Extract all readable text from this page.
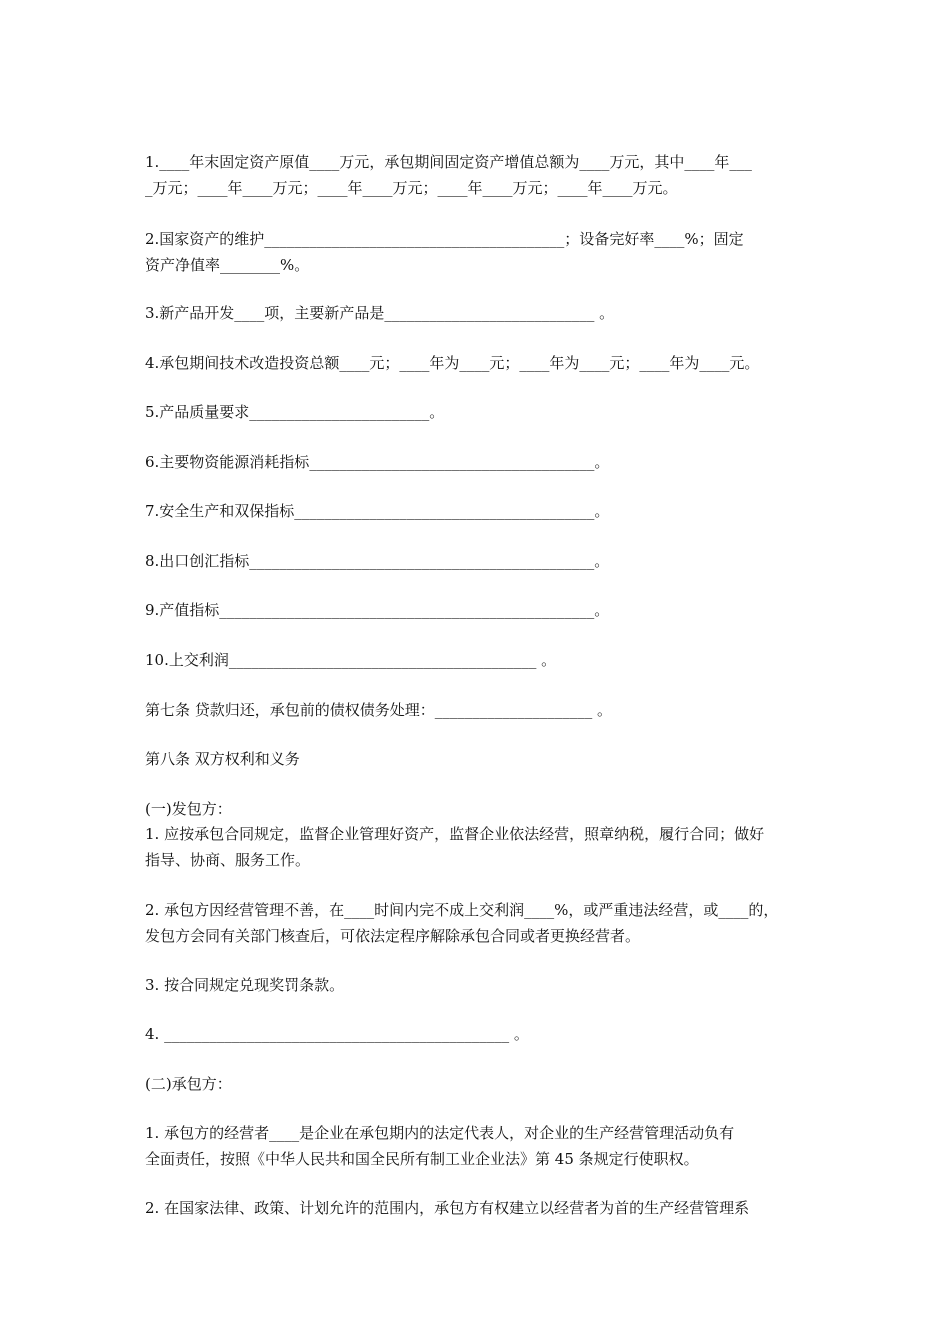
1.____年末固定资产原值____万元，承包期间固定资产增值总额为____万元，其中____年___
_万元；____年____万元；____年____万元；____年____万元；____年____万元。
2.国家资产的维护________________________________________；设备完好率____%；固定
资产净值率________%。
3.新产品开发____项，主要新产品是____________________________ 。
4.承包期间技术改造投资总额____元；____年为____元；____年为____元；____年为____元。
5.产品质量要求________________________。
6.主要物资能源消耗指标______________________________________。
7.安全生产和双保指标________________________________________。
8.出口创汇指标______________________________________________。
9.产值指标__________________________________________________。
10.上交利润_________________________________________ 。
第七条 贷款归还，承包前的债权债务处理：_____________________ 。
第八条 双方权利和义务
(一)发包方：
1. 应按承包合同规定，监督企业管理好资产，监督企业依法经营，照章纳税，履行合同；做好
指导、协商、服务工作。
2. 承包方因经营管理不善，在____时间内完不成上交利润____%，或严重违法经营，或____的，
发包方会同有关部门核查后，可依法定程序解除承包合同或者更换经营者。
3. 按合同规定兑现奖罚条款。
4. ______________________________________________ 。
(二)承包方：
1. 承包方的经营者____是企业在承包期内的法定代表人，对企业的生产经营管理活动负有
全面责任，按照《中华人民共和国全民所有制工业企业法》第 45 条规定行使职权。
2. 在国家法律、政策、计划允许的范围内，承包方有权建立以经营者为首的生产经营管理系
